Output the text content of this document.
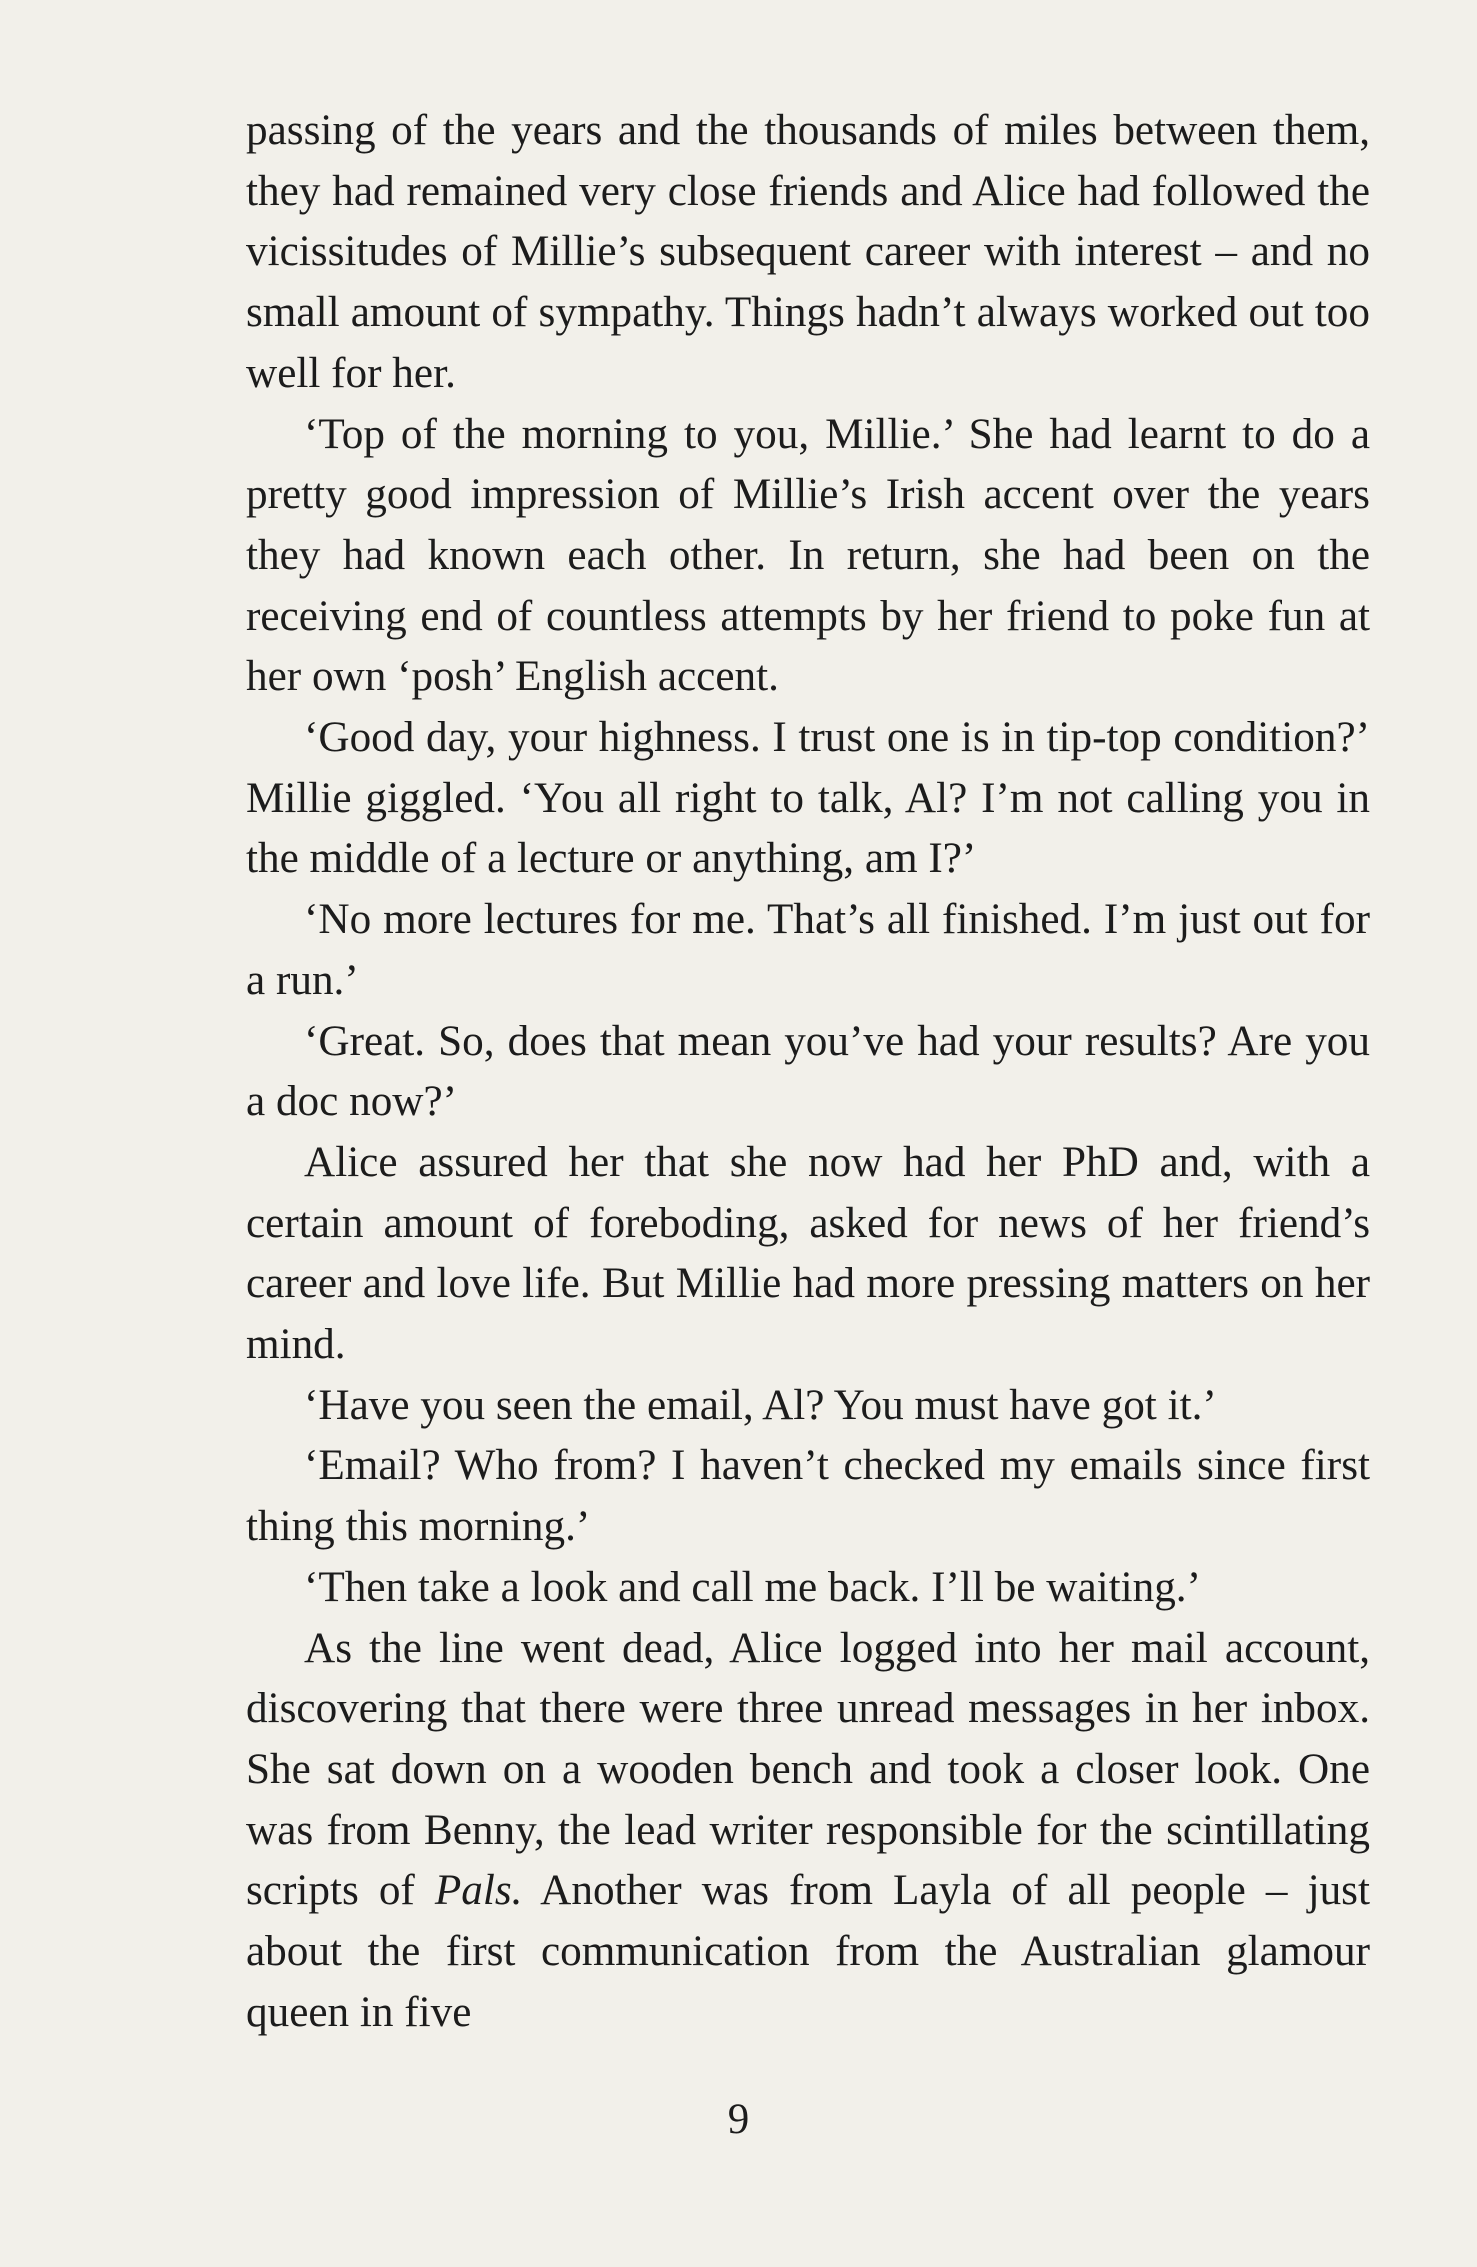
passing of the years and the thousands of miles between them, they had remained very close friends and Alice had followed the vicissitudes of Millie’s subsequent career with interest – and no small amount of sympathy. Things hadn’t always worked out too well for her.

‘Top of the morning to you, Millie.’ She had learnt to do a pretty good impression of Millie’s Irish accent over the years they had known each other. In return, she had been on the receiving end of countless attempts by her friend to poke fun at her own ‘posh’ English accent.

‘Good day, your highness. I trust one is in tip-top condition?’ Millie giggled. ‘You all right to talk, Al? I’m not calling you in the middle of a lecture or anything, am I?’

‘No more lectures for me. That’s all finished. I’m just out for a run.’

‘Great. So, does that mean you’ve had your results? Are you a doc now?’

Alice assured her that she now had her PhD and, with a certain amount of foreboding, asked for news of her friend’s career and love life. But Millie had more pressing matters on her mind.

‘Have you seen the email, Al? You must have got it.’

‘Email? Who from? I haven’t checked my emails since first thing this morning.’

‘Then take a look and call me back. I’ll be waiting.’

As the line went dead, Alice logged into her mail account, discovering that there were three unread messages in her inbox. She sat down on a wooden bench and took a closer look. One was from Benny, the lead writer responsible for the scintillating scripts of Pals. Another was from Layla of all people – just about the first communication from the Australian glamour queen in five

9
